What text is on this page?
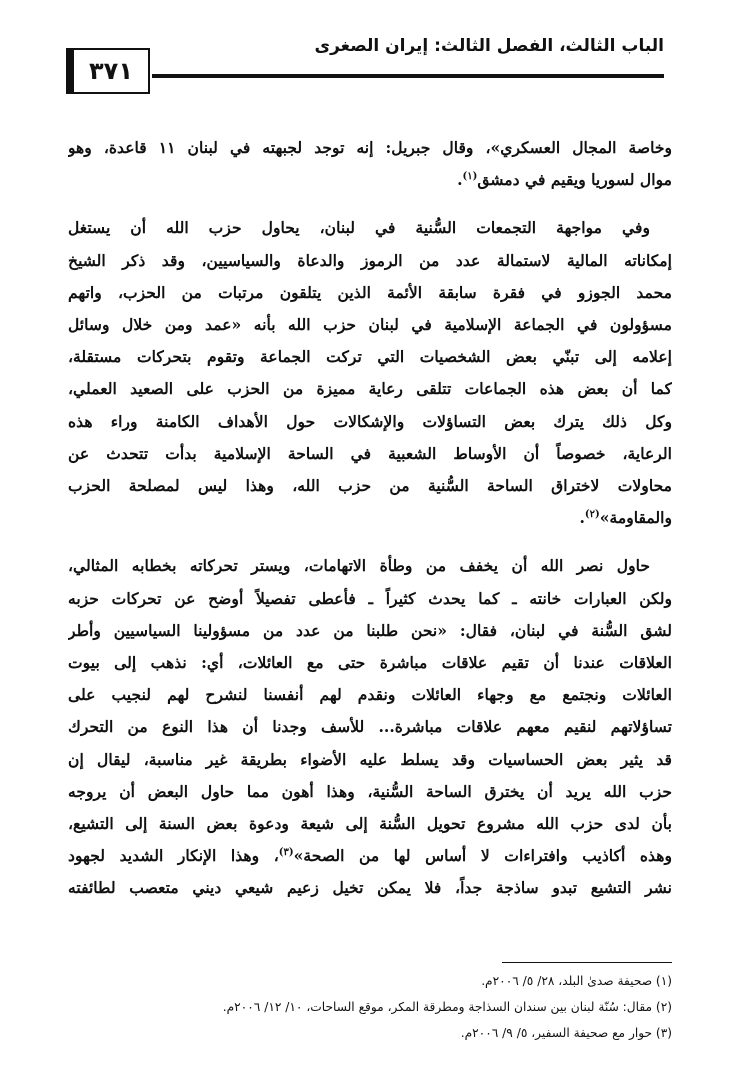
الباب الثالث، الفصل الثالث: إيران الصغرى
٣٧١

وخاصة المجال العسكري»، وقال جبريل: إنه توجد لجبهته في لبنان ١١ قاعدة، وهو

موال لسوريا ويقيم في دمشق$^{(١)}$.

وفي مواجهة التجمعات السُّنية في لبنان، يحاول حزب الله أن يستغل

إمكاناته المالية لاستمالة عدد من الرموز والدعاة والسياسيين، وقد ذكر الشيخ

محمد الجوزو في فقرة سابقة الأئمة الذين يتلقون مرتبات من الحزب، واتهم

مسؤولون في الجماعة الإسلامية في لبنان حزب الله بأنه «عمد ومن خلال وسائل

إعلامه إلى تبنّي بعض الشخصيات التي تركت الجماعة وتقوم بتحركات مستقلة،

كما أن بعض هذه الجماعات تتلقى رعاية مميزة من الحزب على الصعيد العملي،

وكل ذلك يترك بعض التساؤلات والإشكالات حول الأهداف الكامنة وراء هذه

الرعاية، خصوصاً أن الأوساط الشعبية في الساحة الإسلامية بدأت تتحدث عن

محاولات لاختراق الساحة السُّنية من حزب الله، وهذا ليس لمصلحة الحزب

والمقاومة»$^{(٢)}$.

حاول نصر الله أن يخفف من وطأة الاتهامات، ويستر تحركاته بخطابه المثالي،

ولكن العبارات خانته ـ كما يحدث كثيراً ـ فأعطى تفصيلاً أوضح عن تحركات حزبه

لشق السُّنة في لبنان، فقال: «نحن طلبنا من عدد من مسؤولينا السياسيين وأطر

العلاقات عندنا أن تقيم علاقات مباشرة حتى مع العائلات، أي: نذهب إلى بيوت

العائلات ونجتمع مع وجهاء العائلات ونقدم لهم أنفسنا لنشرح لهم لنجيب على

تساؤلاتهم لنقيم معهم علاقات مباشرة... للأسف وجدنا أن هذا النوع من التحرك

قد يثير بعض الحساسيات وقد يسلط عليه الأضواء بطريقة غير مناسبة، ليقال إن

حزب الله يريد أن يخترق الساحة السُّنية، وهذا أهون مما حاول البعض أن يروجه

بأن لدى حزب الله مشروع تحويل السُّنة إلى شيعة ودعوة بعض السنة إلى التشيع،

وهذه أكاذيب وافتراءات لا أساس لها من الصحة»$^{(٣)}$، وهذا الإنكار الشديد لجهود

نشر التشيع تبدو ساذجة جداً، فلا يمكن تخيل زعيم شيعي ديني متعصب لطائفته

(١) صحيفة صدىٰ البلد، ٢٨/ ٥/ ٢٠٠٦م.

(٢) مقال: سُنّة لبنان بين سندان السذاجة ومطرقة المكر، موقع الساحات، ١٠/ ١٢/ ٢٠٠٦م.

(٣) حوار مع صحيفة السفير، ٥/ ٩/ ٢٠٠٦م.
